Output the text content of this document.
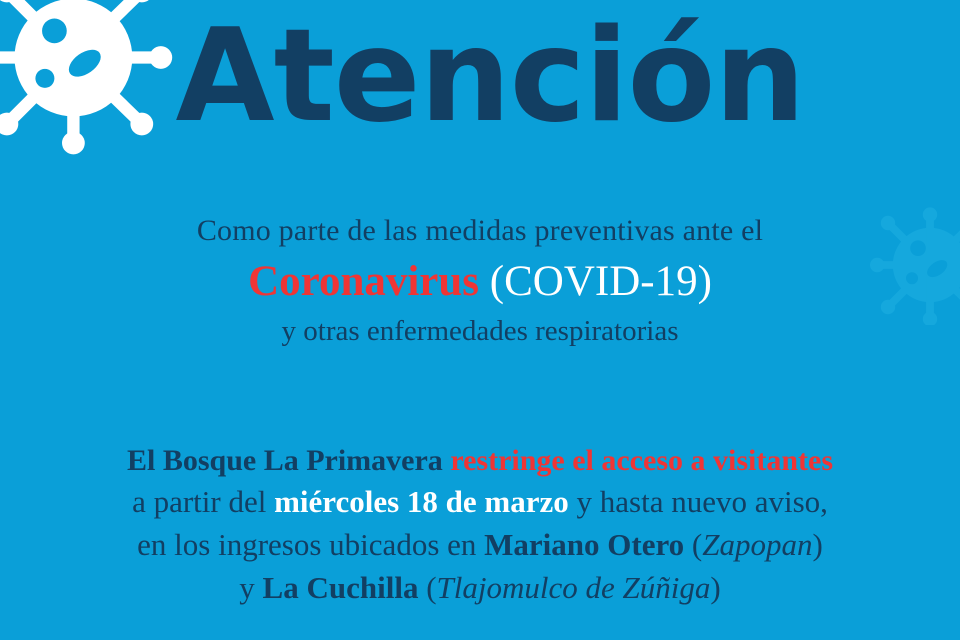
Atención
Como parte de las medidas preventivas ante el
Coronavirus (COVID-19)
y otras enfermedades respiratorias
El Bosque La Primavera restringe el acceso a visitantes
a partir del miércoles 18 de marzo y hasta nuevo aviso,
en los ingresos ubicados en Mariano Otero (Zapopan)
y La Cuchilla (Tlajomulco de Zúñiga)
